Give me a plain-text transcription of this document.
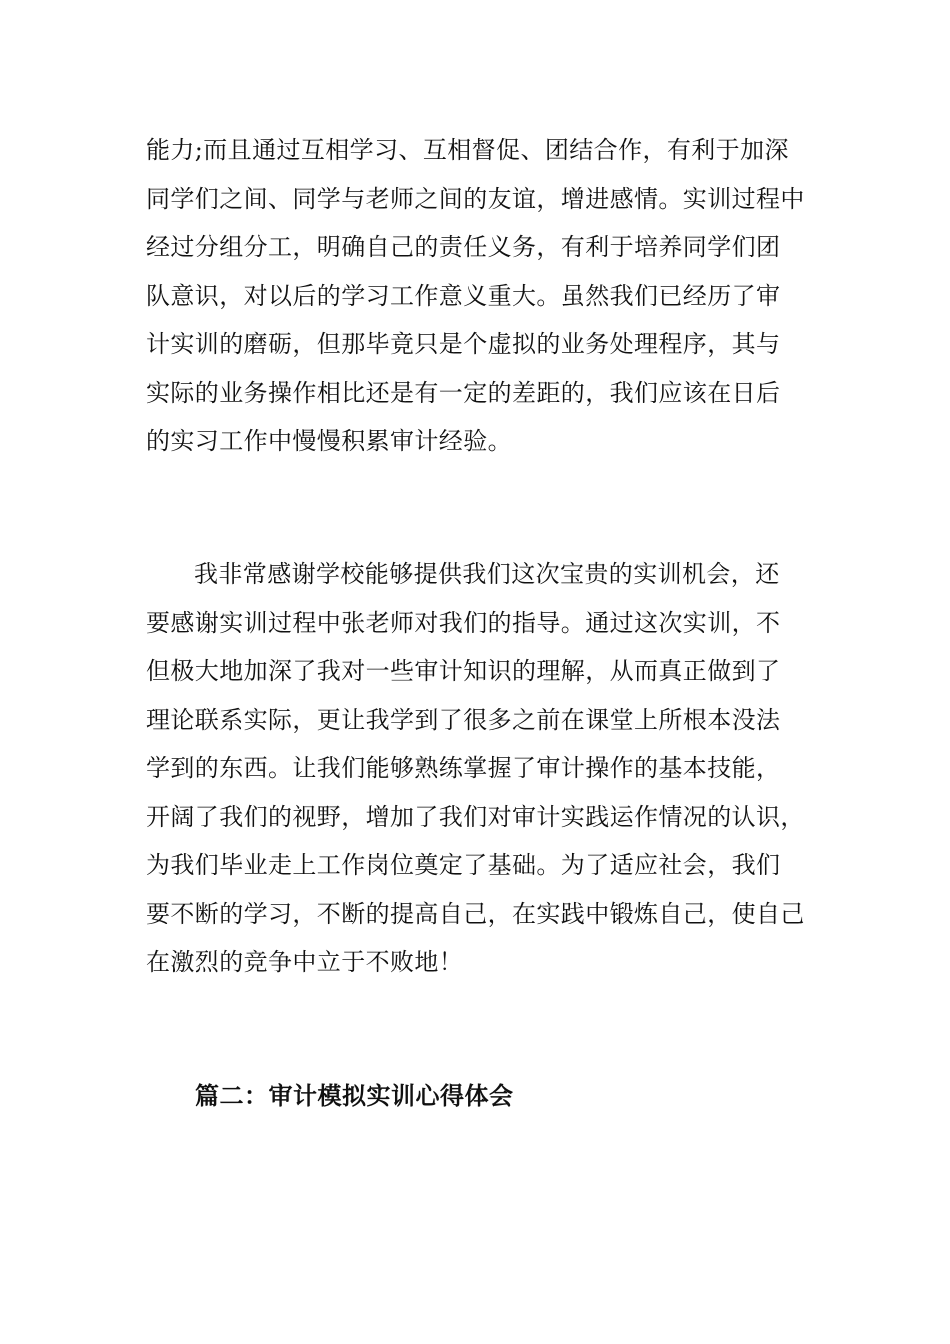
能力;而且通过互相学习、互相督促、团结合作，有利于加深
同学们之间、同学与老师之间的友谊，增进感情。实训过程中
经过分组分工，明确自己的责任义务，有利于培养同学们团
队意识，对以后的学习工作意义重大。虽然我们已经历了审
计实训的磨砺，但那毕竟只是个虚拟的业务处理程序，其与
实际的业务操作相比还是有一定的差距的，我们应该在日后
的实习工作中慢慢积累审计经验。

我非常感谢学校能够提供我们这次宝贵的实训机会，还
要感谢实训过程中张老师对我们的指导。通过这次实训，不
但极大地加深了我对一些审计知识的理解，从而真正做到了
理论联系实际，更让我学到了很多之前在课堂上所根本没法
学到的东西。让我们能够熟练掌握了审计操作的基本技能，
开阔了我们的视野，增加了我们对审计实践运作情况的认识，
为我们毕业走上工作岗位奠定了基础。为了适应社会，我们
要不断的学习，不断的提高自己，在实践中锻炼自己，使自己
在激烈的竞争中立于不败地！

篇二：审计模拟实训心得体会
